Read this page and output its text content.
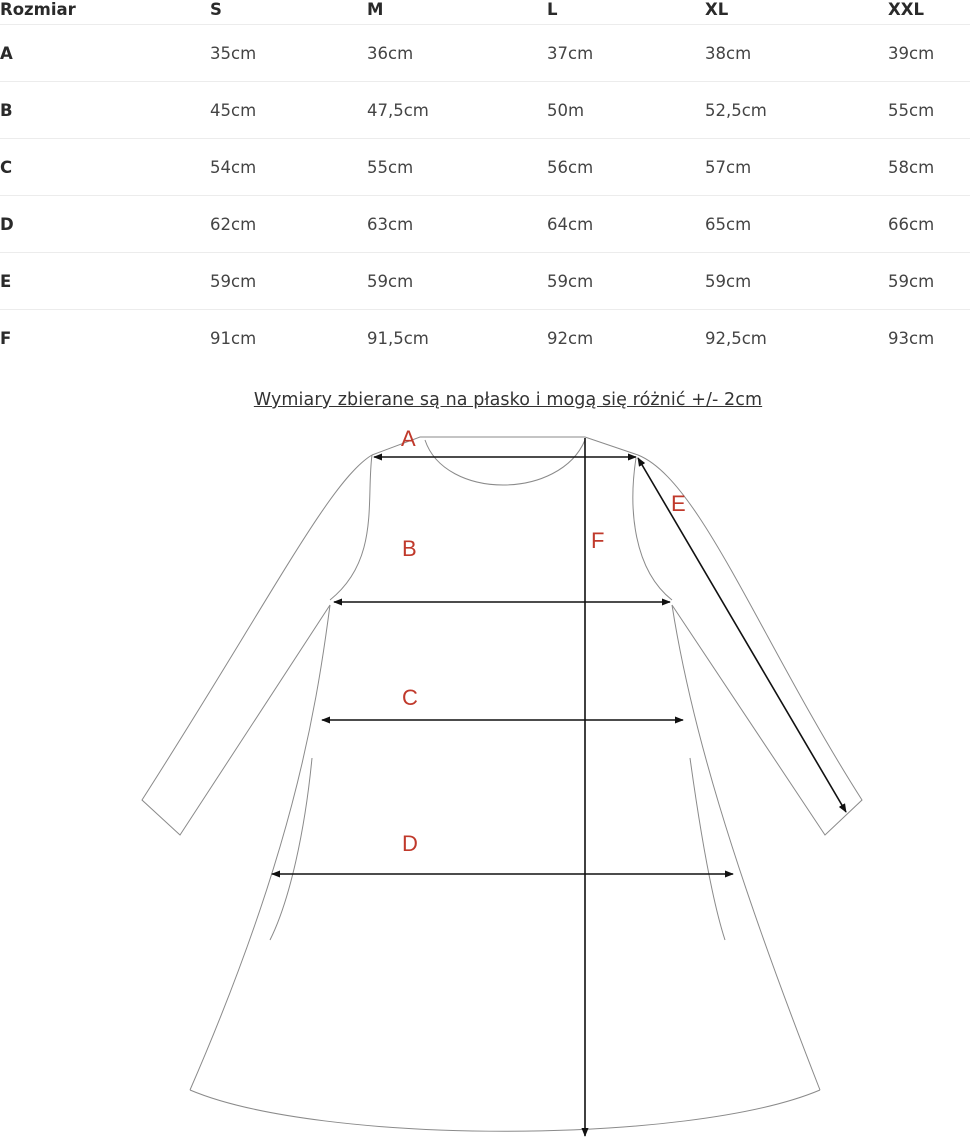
Rozmiar	S	M	L	XL	XXL
A	35cm	36cm	37cm	38cm	39cm
B	45cm	47,5cm	50m	52,5cm	55cm
C	54cm	55cm	56cm	57cm	58cm
D	62cm	63cm	64cm	65cm	66cm
E	59cm	59cm	59cm	59cm	59cm
F	91cm	91,5cm	92cm	92,5cm	93cm
Wymiary zbierane są na płasko i mogą się różnić +/- 2cm
A
B
C
D
E
F
